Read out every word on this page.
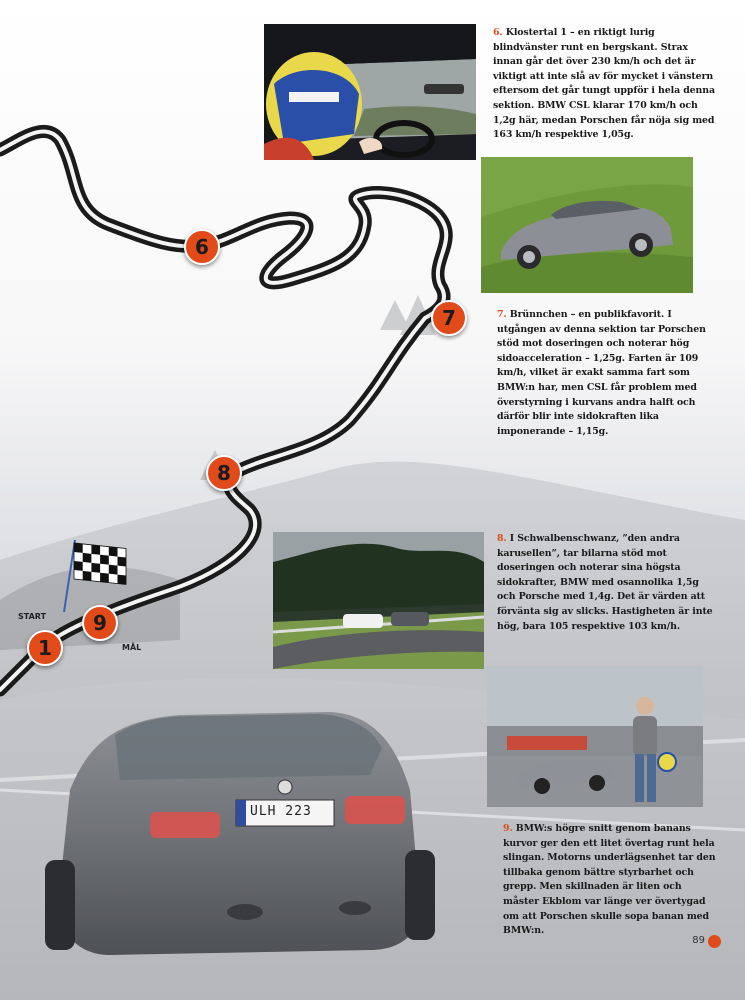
6
7
8
9
1
START
MÅL
ULH 223
6. Klostertal 1 – en riktigt lurig blindvänster runt en bergskant. Strax innan går det över 230 km/h och det är viktigt att inte slå av för mycket i vänstern eftersom det går tungt uppför i hela denna sektion. BMW CSL klarar 170 km/h och 1,2g här, medan Porschen får nöja sig med 163 km/h respektive 1,05g.
7. Brünnchen – en publikfavorit. I utgången av denna sektion tar Porschen stöd mot doseringen och noterar hög sidoacceleration – 1,25g. Farten är 109 km/h, vilket är exakt samma fart som BMW:n har, men CSL får problem med överstyrning i kurvans andra halft och därför blir inte sidokraften lika imponerande – 1,15g.
8. I Schwalbenschwanz, ”den andra karusellen”, tar bilarna stöd mot doseringen och noterar sina högsta sidokrafter, BMW med osannolika 1,5g och Porsche med 1,4g. Det är värden att förvänta sig av slicks. Hastigheten är inte hög, bara 105 respektive 103 km/h.
9. BMW:s högre snitt genom banans kurvor ger den ett litet övertag runt hela slingan. Motorns underlägsenhet tar den tillbaka genom bättre styrbarhet och grepp. Men skillnaden är liten och måster Ekblom var länge ver övertygad om att Porschen skulle sopa banan med BMW:n.
89
